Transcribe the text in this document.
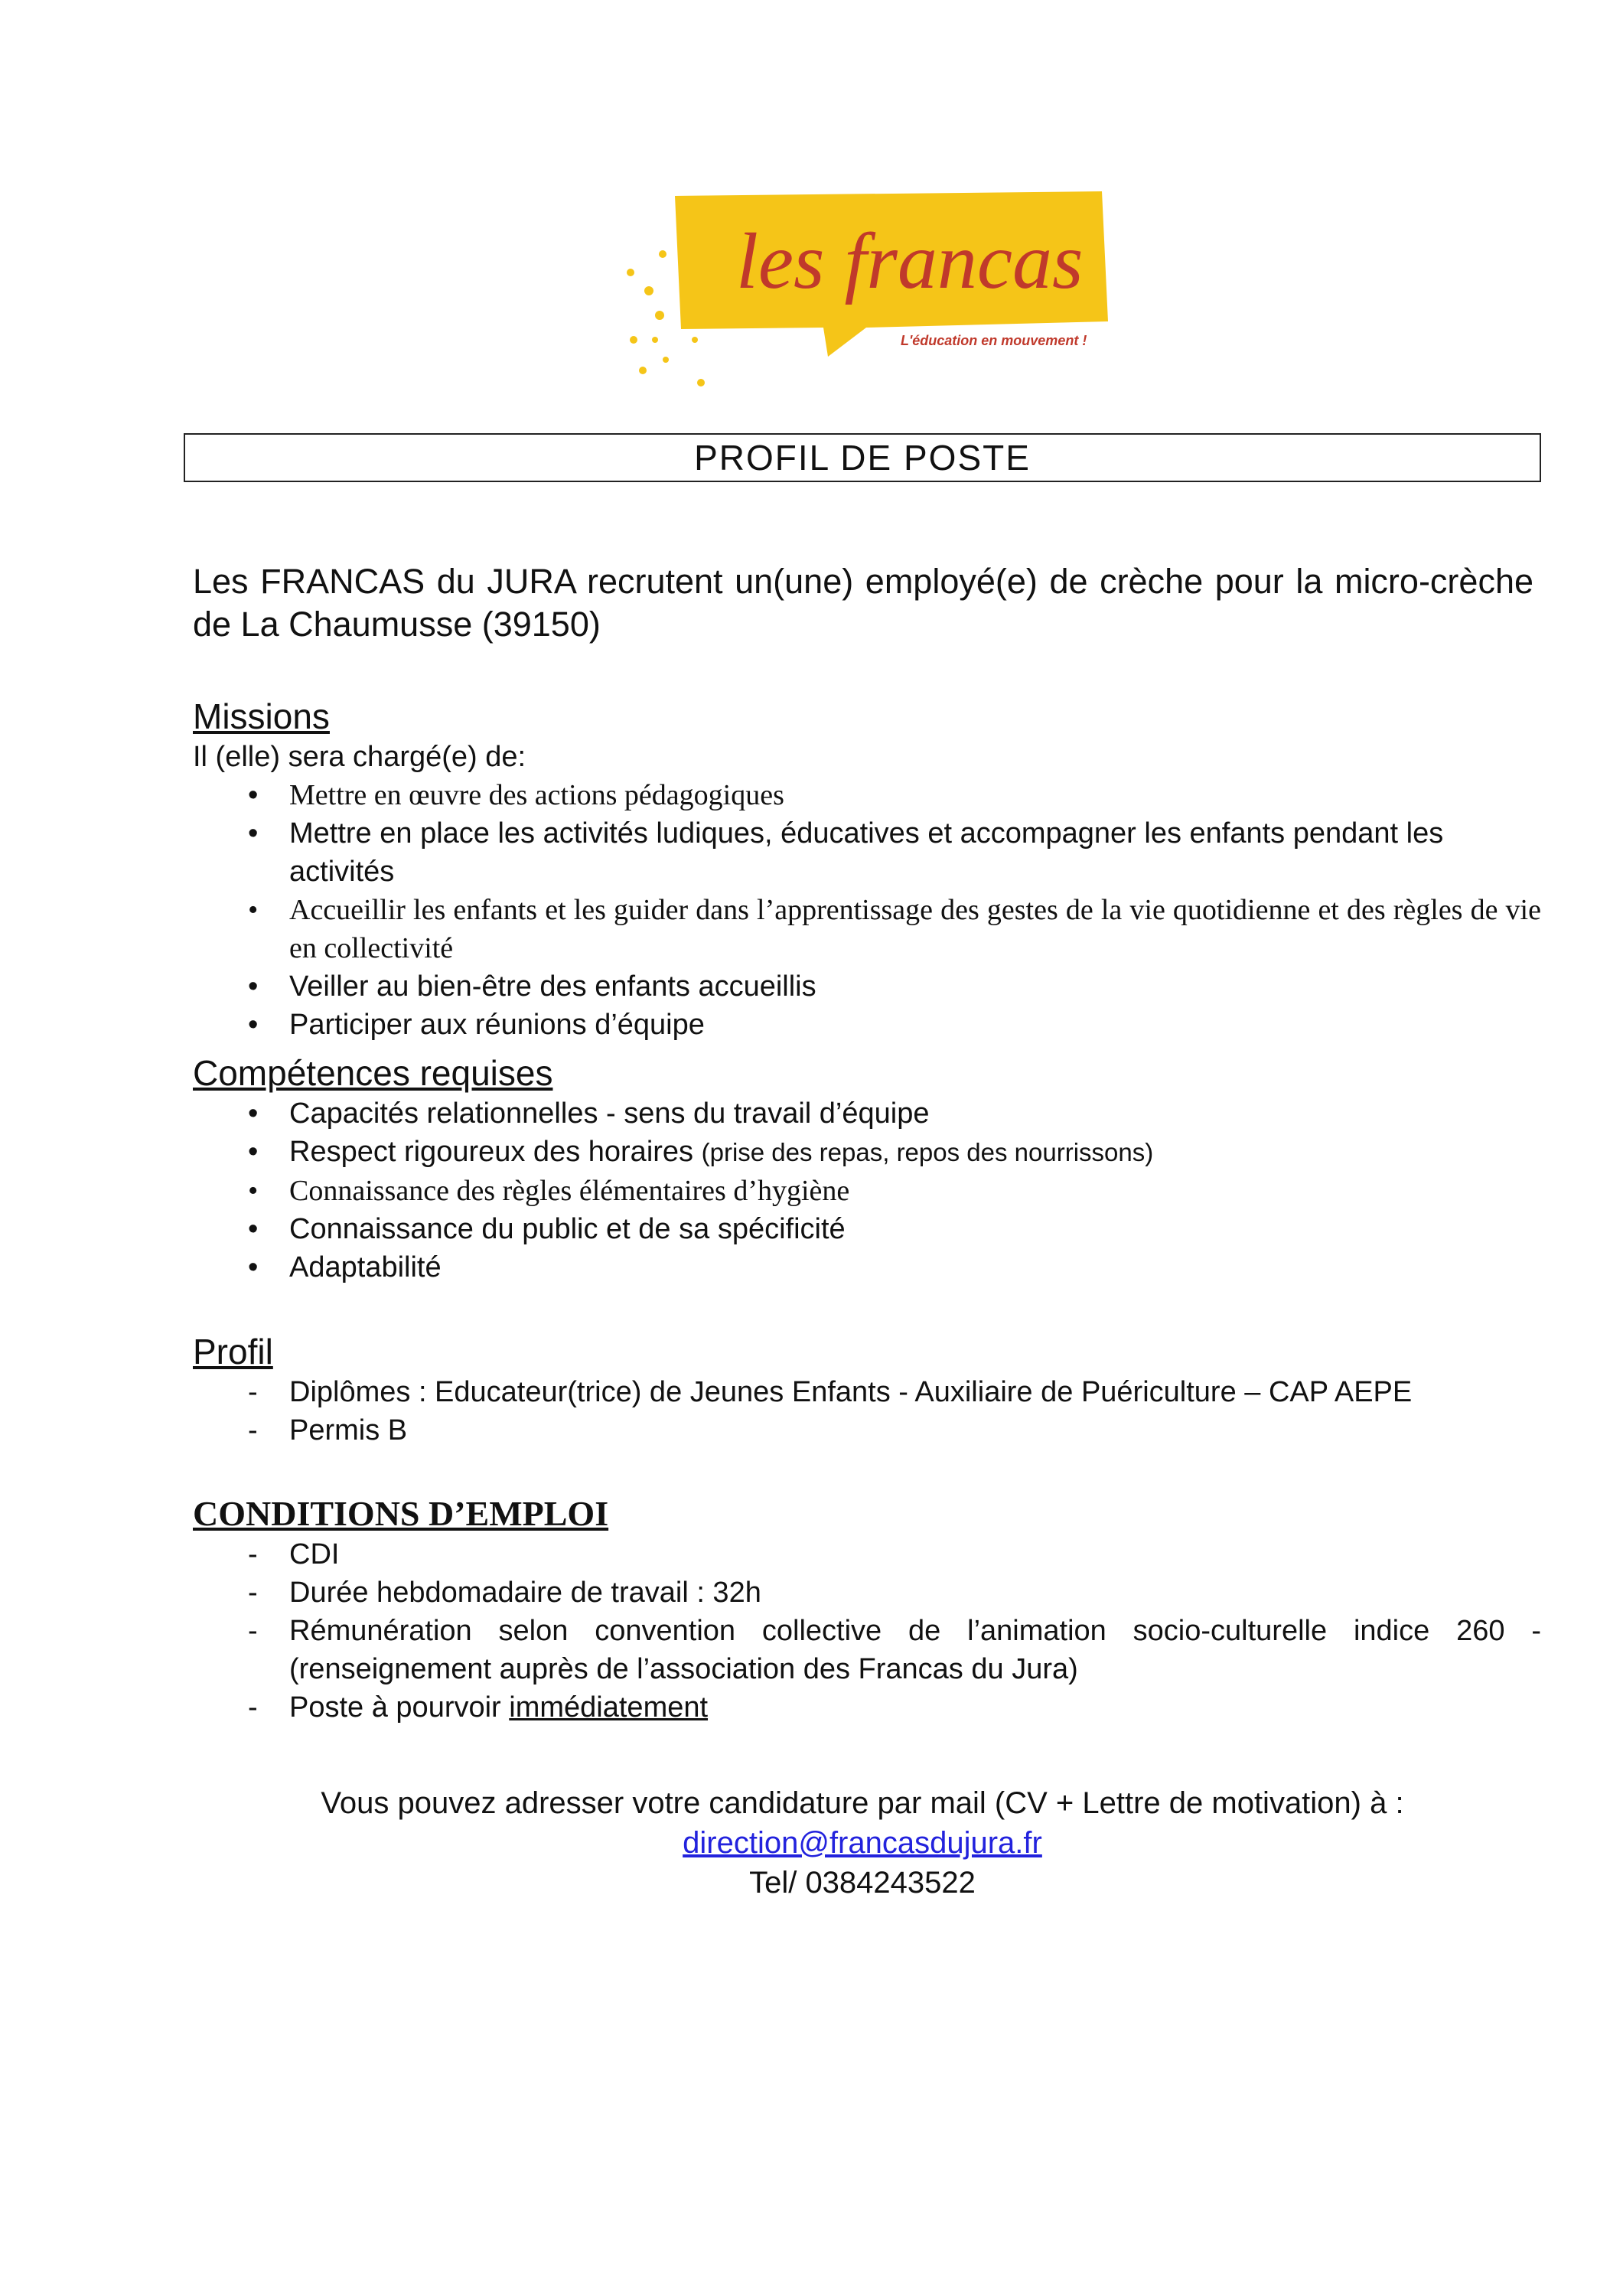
les francas
L'éducation en mouvement !
PROFIL DE POSTE
Les FRANCAS du JURA recrutent un(une) employé(e) de crèche pour la micro-crèche de La Chaumusse (39150)
Missions

Il (elle) sera chargé(e) de:

•	Mettre en œuvre des actions pédagogiques
•	Mettre en place les activités ludiques, éducatives et accompagner les enfants pendant les activités
•	Accueillir les enfants et les guider dans l’apprentissage des gestes de la vie quotidienne et des règles de vie en collectivité
•	Veiller au bien-être des enfants accueillis
•	Participer aux réunions d’équipe
Compétences requises
•	Capacités relationnelles - sens du travail d’équipe
•	Respect rigoureux des horaires (prise des repas, repos des nourrissons)
•	Connaissance des règles élémentaires d’hygiène
•	Connaissance du public et de sa spécificité
•	Adaptabilité
Profil
-	Diplômes : Educateur(trice) de Jeunes Enfants - Auxiliaire de Puériculture – CAP AEPE
-	Permis B
CONDITIONS D’EMPLOI
-	CDI
-	Durée hebdomadaire de travail : 32h
-	Rémunération selon convention collective de l’animation socio-culturelle indice 260 - (renseignement auprès de l’association des Francas du Jura)
-	Poste à pourvoir immédiatement
Vous pouvez adresser votre candidature par mail (CV + Lettre de motivation) à :
direction@francasdujura.fr
Tel/ 0384243522
